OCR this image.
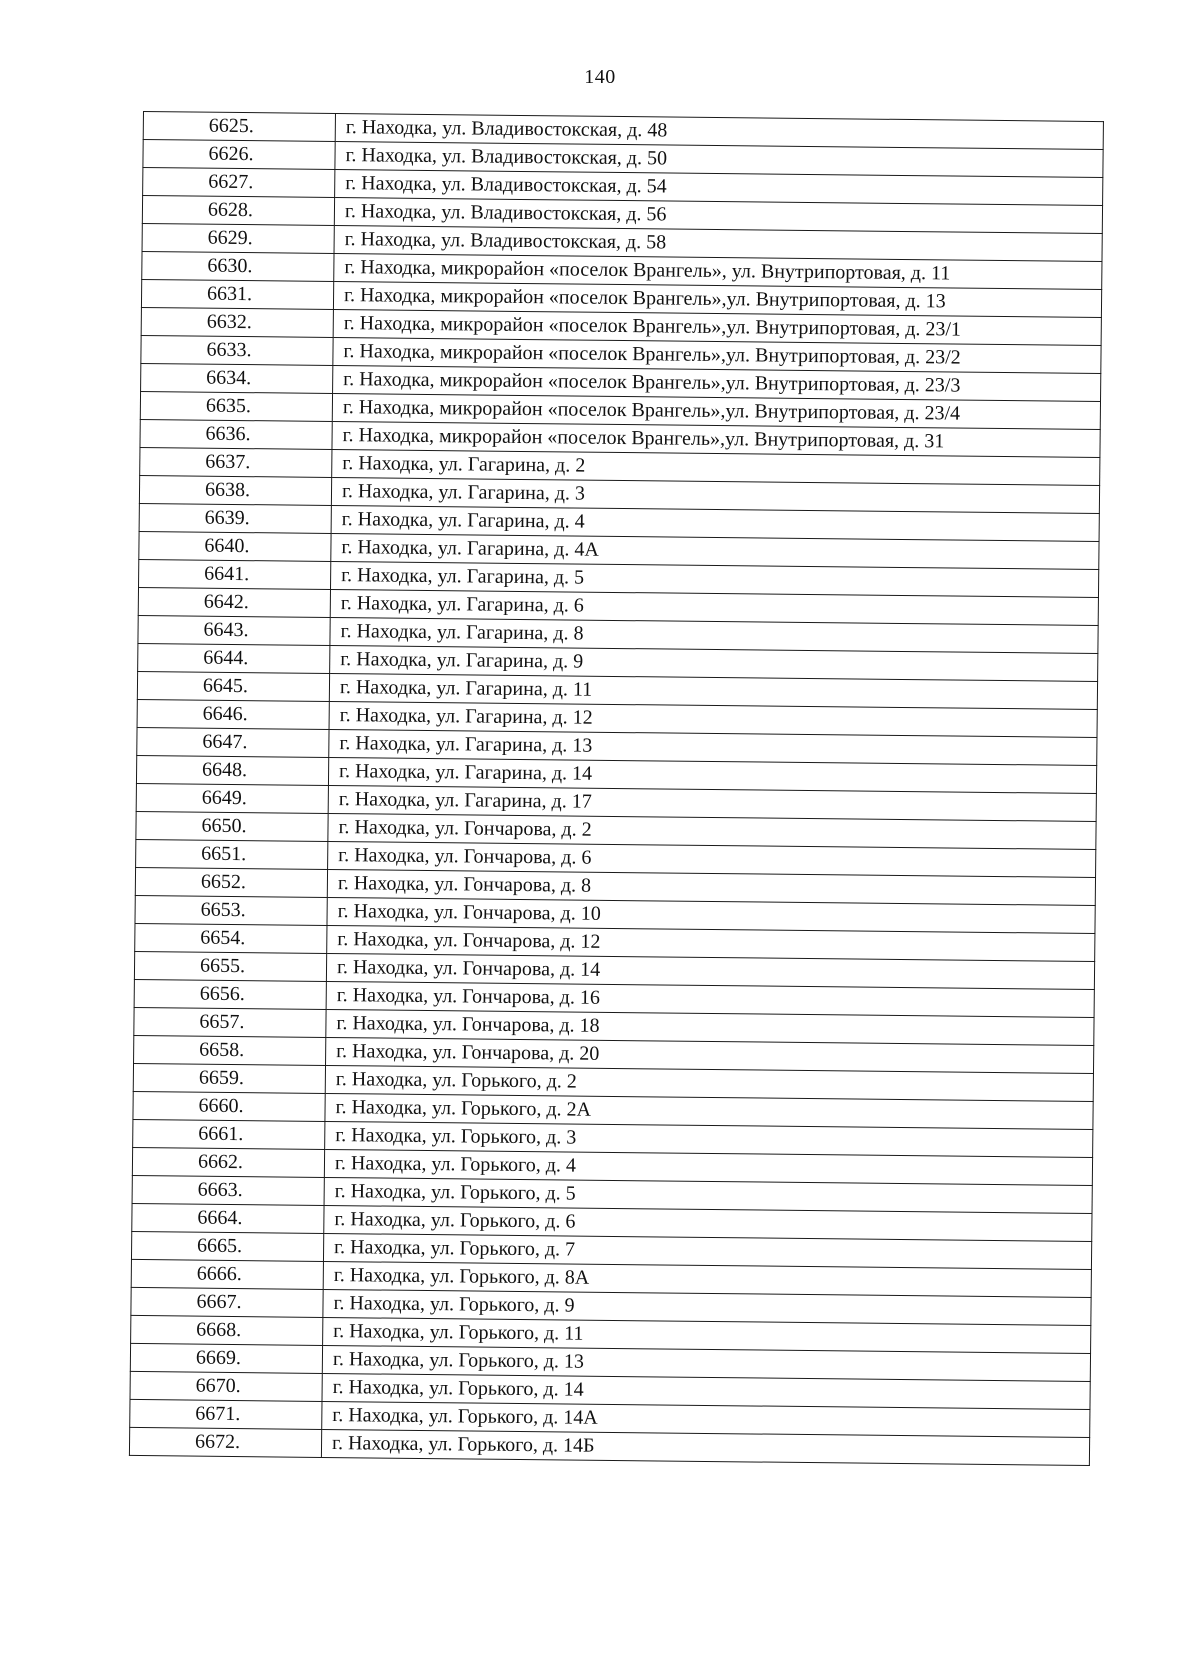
140
6625.	г. Находка, ул. Владивостокская, д. 48
6626.	г. Находка, ул. Владивостокская, д. 50
6627.	г. Находка, ул. Владивостокская, д. 54
6628.	г. Находка, ул. Владивостокская, д. 56
6629.	г. Находка, ул. Владивостокская, д. 58
6630.	г. Находка, микрорайон «поселок Врангель», ул. Внутрипортовая, д. 11
6631.	г. Находка, микрорайон «поселок Врангель»,ул. Внутрипортовая, д. 13
6632.	г. Находка, микрорайон «поселок Врангель»,ул. Внутрипортовая, д. 23/1
6633.	г. Находка, микрорайон «поселок Врангель»,ул. Внутрипортовая, д. 23/2
6634.	г. Находка, микрорайон «поселок Врангель»,ул. Внутрипортовая, д. 23/3
6635.	г. Находка, микрорайон «поселок Врангель»,ул. Внутрипортовая, д. 23/4
6636.	г. Находка, микрорайон «поселок Врангель»,ул. Внутрипортовая, д. 31
6637.	г. Находка, ул. Гагарина, д. 2
6638.	г. Находка, ул. Гагарина, д. 3
6639.	г. Находка, ул. Гагарина, д. 4
6640.	г. Находка, ул. Гагарина, д. 4А
6641.	г. Находка, ул. Гагарина, д. 5
6642.	г. Находка, ул. Гагарина, д. 6
6643.	г. Находка, ул. Гагарина, д. 8
6644.	г. Находка, ул. Гагарина, д. 9
6645.	г. Находка, ул. Гагарина, д. 11
6646.	г. Находка, ул. Гагарина, д. 12
6647.	г. Находка, ул. Гагарина, д. 13
6648.	г. Находка, ул. Гагарина, д. 14
6649.	г. Находка, ул. Гагарина, д. 17
6650.	г. Находка, ул. Гончарова, д. 2
6651.	г. Находка, ул. Гончарова, д. 6
6652.	г. Находка, ул. Гончарова, д. 8
6653.	г. Находка, ул. Гончарова, д. 10
6654.	г. Находка, ул. Гончарова, д. 12
6655.	г. Находка, ул. Гончарова, д. 14
6656.	г. Находка, ул. Гончарова, д. 16
6657.	г. Находка, ул. Гончарова, д. 18
6658.	г. Находка, ул. Гончарова, д. 20
6659.	г. Находка, ул. Горького, д. 2
6660.	г. Находка, ул. Горького, д. 2А
6661.	г. Находка, ул. Горького, д. 3
6662.	г. Находка, ул. Горького, д. 4
6663.	г. Находка, ул. Горького, д. 5
6664.	г. Находка, ул. Горького, д. 6
6665.	г. Находка, ул. Горького, д. 7
6666.	г. Находка, ул. Горького, д. 8А
6667.	г. Находка, ул. Горького, д. 9
6668.	г. Находка, ул. Горького, д. 11
6669.	г. Находка, ул. Горького, д. 13
6670.	г. Находка, ул. Горького, д. 14
6671.	г. Находка, ул. Горького, д. 14А
6672.	г. Находка, ул. Горького, д. 14Б
